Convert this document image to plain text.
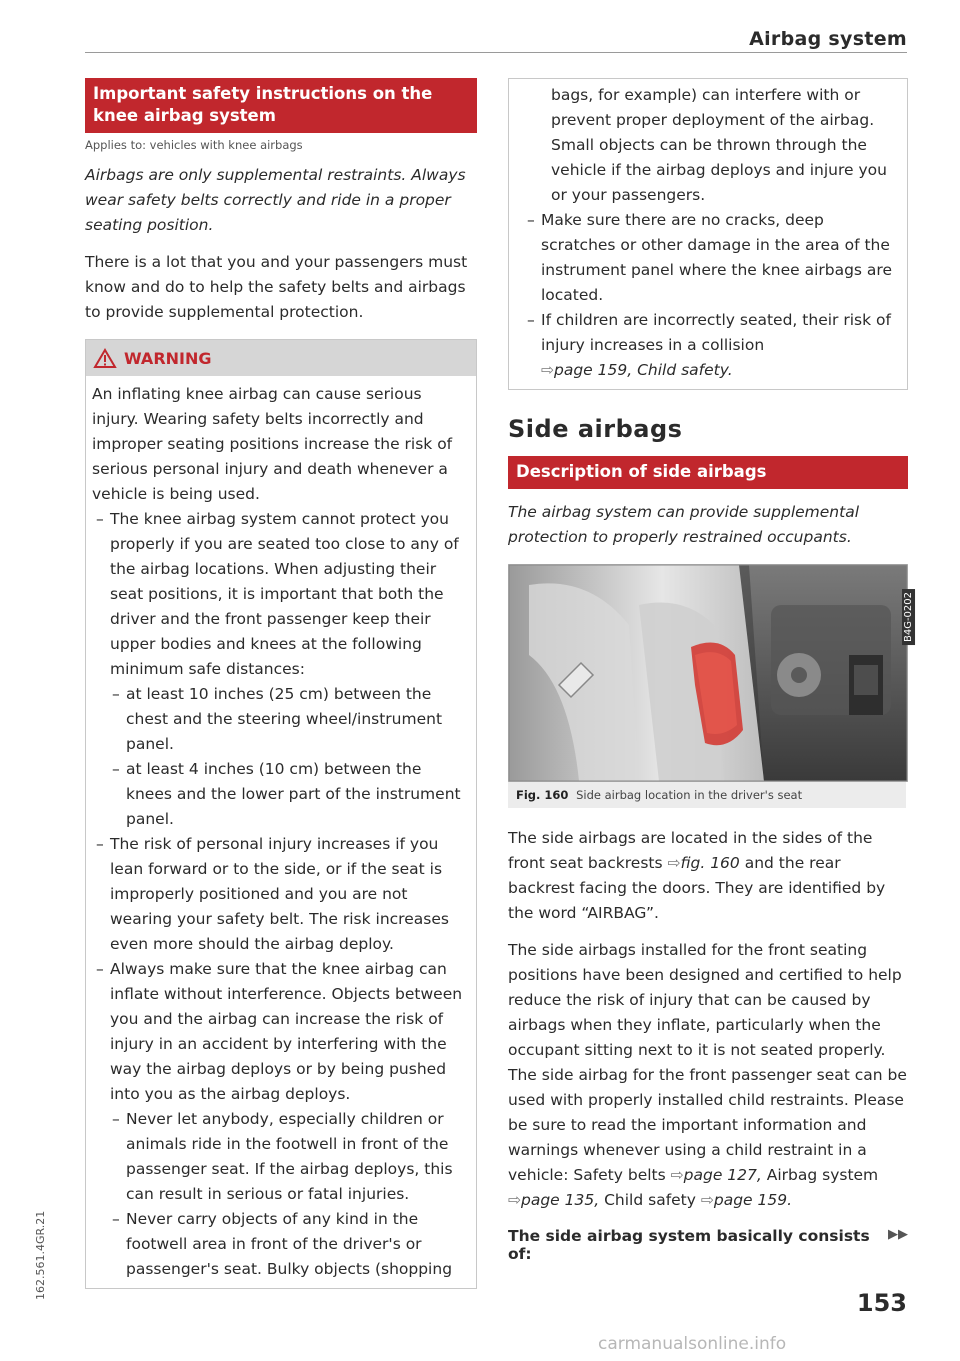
Airbag system
Important safety instructions on the knee airbag system
Applies to: vehicles with knee airbags
Airbags are only supplemental restraints. Always wear safety belts correctly and ride in a proper seating position.
There is a lot that you and your passengers must know and do to help the safety belts and airbags to provide supplemental protection.
WARNING
An inflating knee airbag can cause serious injury. Wearing safety belts incorrectly and improper seating positions increase the risk of serious personal injury and death whenever a vehicle is being used.
– The knee airbag system cannot protect you properly if you are seated too close to any of the airbag locations. When adjusting their seat positions, it is important that both the driver and the front passenger keep their upper bodies and knees at the following minimum safe distances:
– at least 10 inches (25 cm) between the chest and the steering wheel/instrument panel.
– at least 4 inches (10 cm) between the knees and the lower part of the instrument panel.
– The risk of personal injury increases if you lean forward or to the side, or if the seat is improperly positioned and you are not wearing your safety belt. The risk increases even more should the airbag deploy.
– Always make sure that the knee airbag can inflate without interference. Objects between you and the airbag can increase the risk of injury in an accident by interfering with the way the airbag deploys or by being pushed into you as the airbag deploys.
– Never let anybody, especially children or animals ride in the footwell in front of the passenger seat. If the airbag deploys, this can result in serious or fatal injuries.
– Never carry objects of any kind in the footwell area in front of the driver's or passenger's seat. Bulky objects (shopping
bags, for example) can interfere with or prevent proper deployment of the airbag. Small objects can be thrown through the vehicle if the airbag deploys and injure you or your passengers.
– Make sure there are no cracks, deep scratches or other damage in the area of the instrument panel where the knee airbags are located.
– If children are incorrectly seated, their risk of injury increases in a collision
⇨page 159, Child safety.
Side airbags
Description of side airbags
The airbag system can provide supplemental protection to properly restrained occupants.
B4G-0202
Fig. 160 Side airbag location in the driver's seat
The side airbags are located in the sides of the front seat backrests ⇨fig. 160 and the rear backrest facing the doors. They are identified by the word “AIRBAG”.
The side airbags installed for the front seating positions have been designed and certified to help reduce the risk of injury that can be caused by airbags when they inflate, particularly when the occupant sitting next to it is not seated properly. The side airbag for the front passenger seat can be used with properly installed child restraints. Please be sure to read the important information and warnings whenever using a child restraint in a vehicle: Safety belts ⇨page 127, Airbag system ⇨page 135, Child safety ⇨page 159.
The side airbag system basically consists of:
▶▶
153
162.561.4GR.21
carmanualsonline.info
